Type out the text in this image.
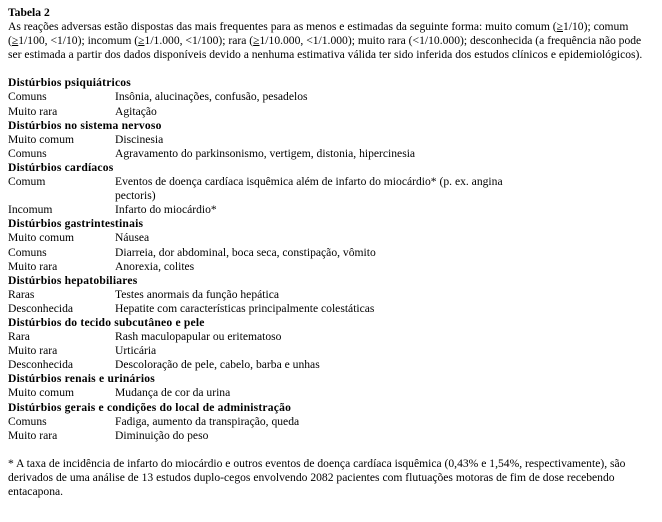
Tabela 2
As reações adversas estão dispostas das mais frequentes para as menos e estimadas da seguinte forma: muito comum (≥1/10); comum (≥1/100, <1/10); incomum (≥1/1.000, <1/100); rara (≥1/10.000, <1/1.000); muito rara (<1/10.000); desconhecida (a frequência não pode ser estimada a partir dos dados disponíveis devido a nenhuma estimativa válida ter sido inferida dos estudos clínicos e epidemiológicos).
Distúrbios psiquiátricos
Comuns	Insônia, alucinações, confusão, pesadelos
Muito rara	Agitação
Distúrbios no sistema nervoso
Muito comum	Discinesia
Comuns	Agravamento do parkinsonismo, vertigem, distonia, hipercinesia
Distúrbios cardíacos
Comum	Eventos de doença cardíaca isquêmica além de infarto do miocárdio* (p. ex. angina pectoris)
Incomum	Infarto do miocárdio*
Distúrbios gastrintestinais
Muito comum	Náusea
Comuns	Diarreia, dor abdominal, boca seca, constipação, vômito
Muito rara	Anorexia, colites
Distúrbios hepatobiliares
Raras	Testes anormais da função hepática
Desconhecida	Hepatite com características principalmente colestáticas
Distúrbios do tecido subcutâneo e pele
Rara	Rash maculopapular ou eritematoso
Muito rara	Urticária
Desconhecida	Descoloração de pele, cabelo, barba e unhas
Distúrbios renais e urinários
Muito comum	Mudança de cor da urina
Distúrbios gerais e condições do local de administração
Comuns	Fadiga, aumento da transpiração, queda
Muito rara	Diminuição do peso
* A taxa de incidência de infarto do miocárdio e outros eventos de doença cardíaca isquêmica (0,43% e 1,54%, respectivamente), são derivados de uma análise de 13 estudos duplo-cegos envolvendo 2082 pacientes com flutuações motoras de fim de dose recebendo entacapona.
